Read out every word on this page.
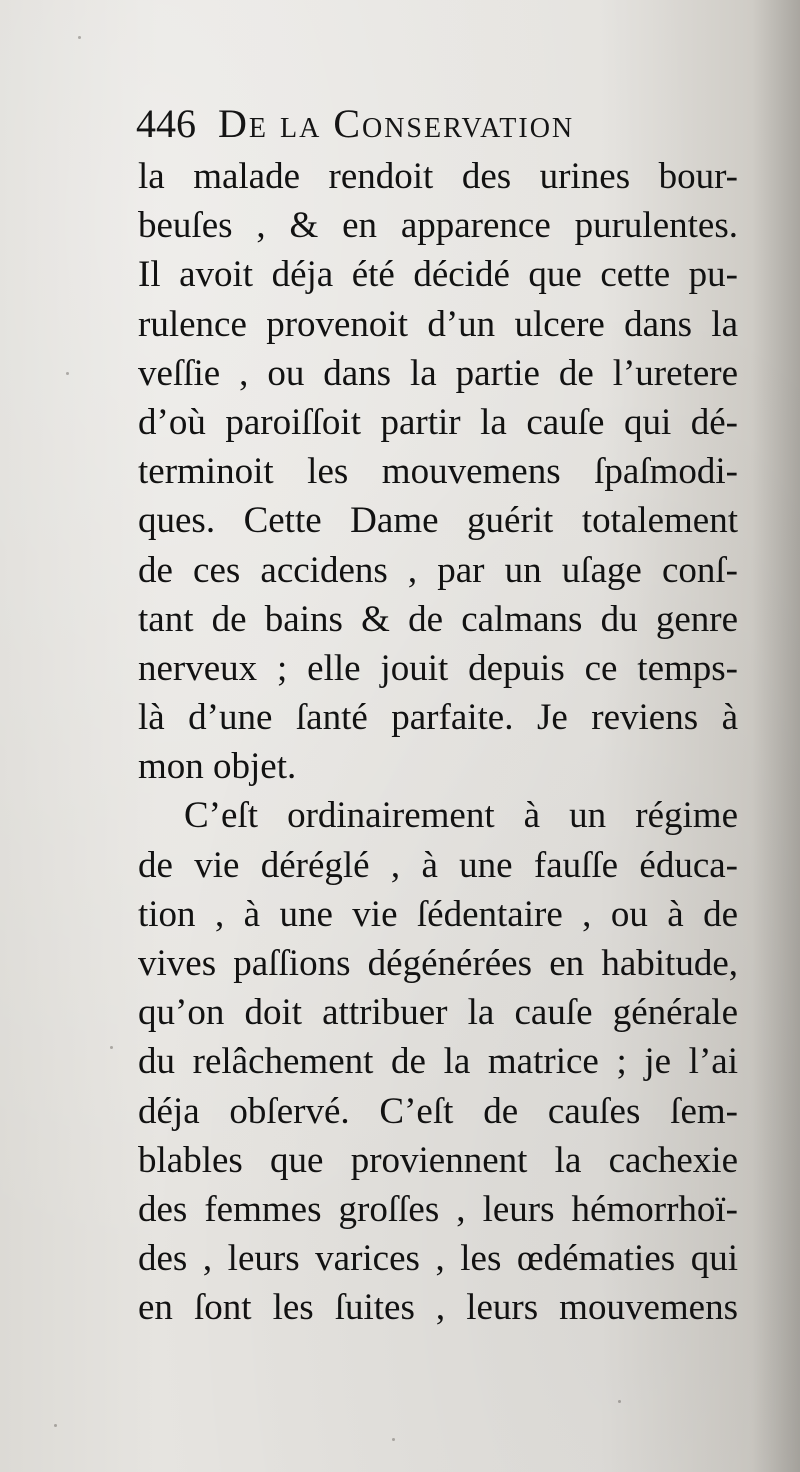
446 De la Conservation
la malade rendoit des urines bour-
beuſes , & en apparence purulentes.
Il avoit déja été décidé que cette pu-
rulence provenoit d’un ulcere dans la
veſſie , ou dans la partie de l’uretere
d’où paroiſſoit partir la cauſe qui dé-
terminoit les mouvemens ſpaſmodi-
ques. Cette Dame guérit totalement
de ces accidens , par un uſage conſ-
tant de bains & de calmans du genre
nerveux ; elle jouit depuis ce temps-
là d’une ſanté parfaite. Je reviens à
mon objet.
C’eſt ordinairement à un régime
de vie déréglé , à une fauſſe éduca-
tion , à une vie ſédentaire , ou à de
vives paſſions dégénérées en habitude,
qu’on doit attribuer la cauſe générale
du relâchement de la matrice ; je l’ai
déja obſervé. C’eſt de cauſes ſem-
blables que proviennent la cachexie
des femmes groſſes , leurs hémorrhoï-
des , leurs varices , les œdématies qui
en ſont les ſuites , leurs mouvemens
